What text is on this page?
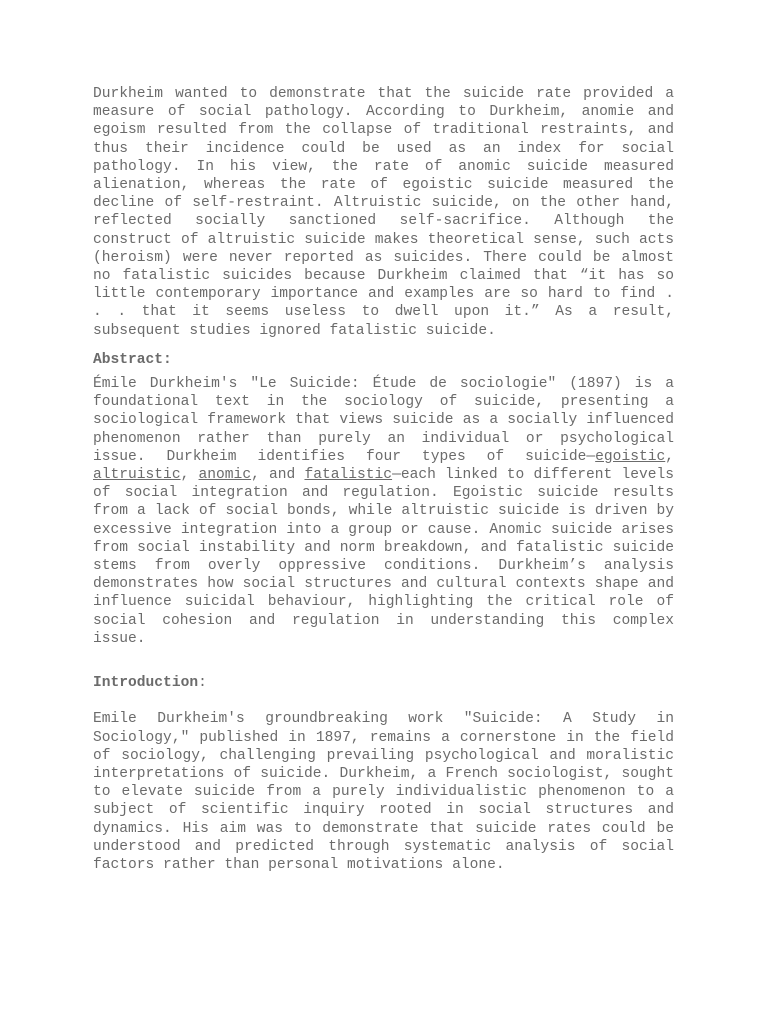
Durkheim wanted to demonstrate that the suicide rate provided a measure of social pathology. According to Durkheim, anomie and egoism resulted from the collapse of traditional restraints, and thus their incidence could be used as an index for social pathology. In his view, the rate of anomic suicide measured alienation, whereas the rate of egoistic suicide measured the decline of self-restraint. Altruistic suicide, on the other hand, reflected socially sanctioned self-sacrifice. Although the construct of altruistic suicide makes theoretical sense, such acts (heroism) were never reported as suicides. There could be almost no fatalistic suicides because Durkheim claimed that “it has so little contemporary importance and examples are so hard to find . . . that it seems useless to dwell upon it.” As a result, subsequent studies ignored fatalistic suicide.

Abstract:

Émile Durkheim's "Le Suicide: Étude de sociologie" (1897) is a foundational text in the sociology of suicide, presenting a sociological framework that views suicide as a socially influenced phenomenon rather than purely an individual or psychological issue. Durkheim identifies four types of suicide—egoistic, altruistic, anomic, and fatalistic—each linked to different levels of social integration and regulation. Egoistic suicide results from a lack of social bonds, while altruistic suicide is driven by excessive integration into a group or cause. Anomic suicide arises from social instability and norm breakdown, and fatalistic suicide stems from overly oppressive conditions. Durkheim’s analysis demonstrates how social structures and cultural contexts shape and influence suicidal behaviour, highlighting the critical role of social cohesion and regulation in understanding this complex issue.

Introduction:

Emile Durkheim's groundbreaking work "Suicide: A Study in Sociology," published in 1897, remains a cornerstone in the field of sociology, challenging prevailing psychological and moralistic interpretations of suicide. Durkheim, a French sociologist, sought to elevate suicide from a purely individualistic phenomenon to a subject of scientific inquiry rooted in social structures and dynamics. His aim was to demonstrate that suicide rates could be understood and predicted through systematic analysis of social factors rather than personal motivations alone.
